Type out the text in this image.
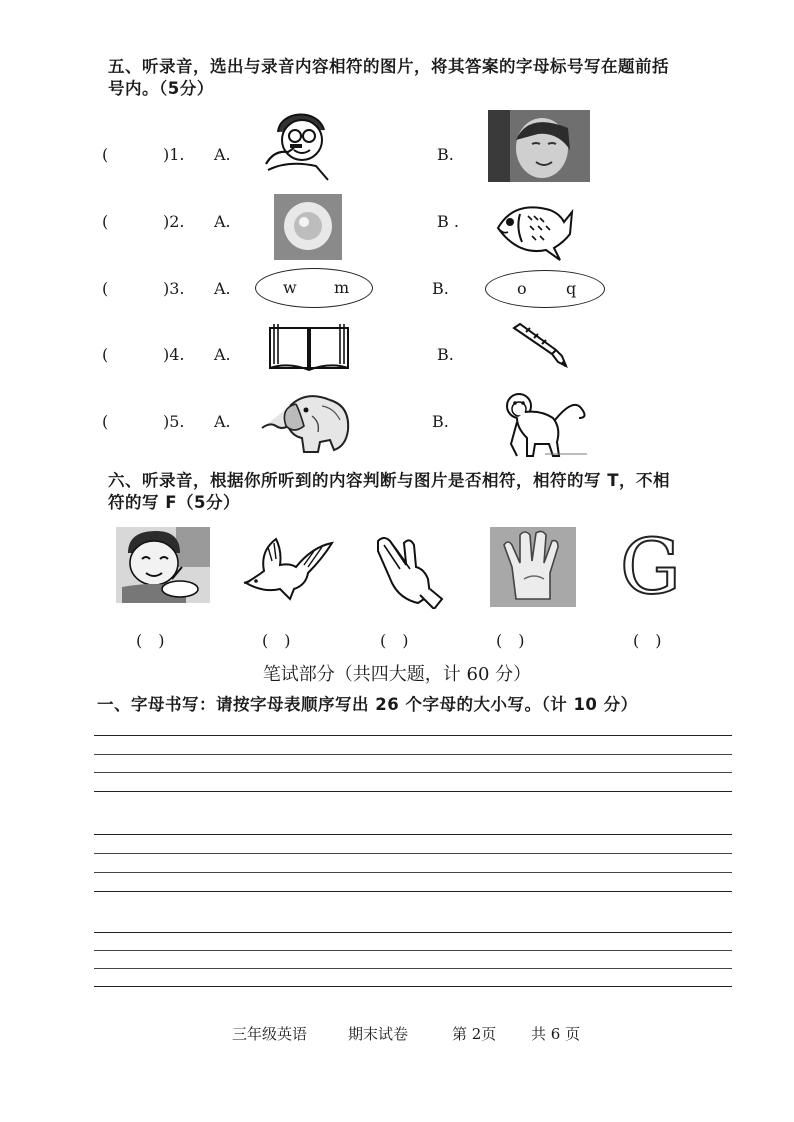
五、听录音，选出与录音内容相符的图片，将其答案的字母标号写在题前括
号内。（5分）
(	)1. A.	B.
(	)2. A.	B .
(	)3. A.	w m	B.	o q
(	)4. A.	B.
(	)5. A.	B.
六、听录音，根据你所听到的内容判断与图片是否相符，相符的写 T，不相
符的写 F（5分）
G
(　)	(　)	(　)	(　)	(　)
笔试部分（共四大题，计 60 分）
一、字母书写：请按字母表顺序写出 26 个字母的大小写。（计 10 分）
三年级英语	期末试卷	第 2页 共 6 页
